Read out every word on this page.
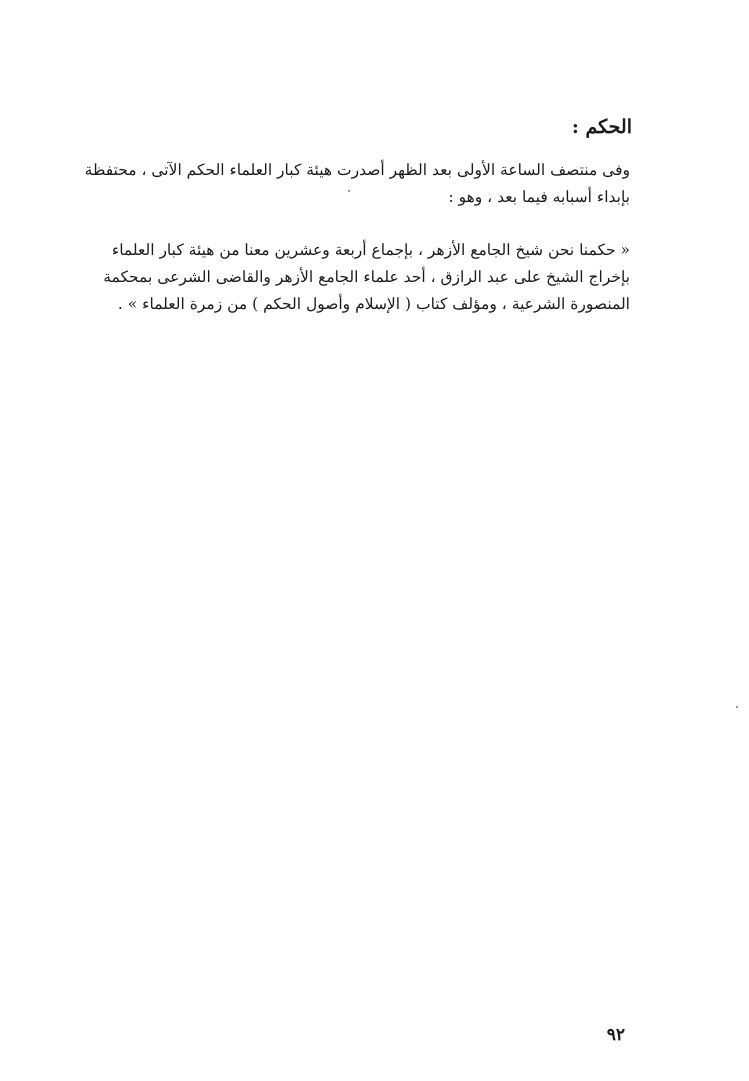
الحكم :
وفى منتصف الساعة الأولى بعد الظهر أصدرت هيئة كبار العلماء الحكم الآتى ، محتفظة
بإبداء أسبابه فيما بعد ، وهو :
« حكمنا نحن شيخ الجامع الأزهر ، بإجماع أربعة وعشرين معنا من هيئة كبار العلماء
بإخراج الشيخ على عبد الرازق ، أحد علماء الجامع الأزهر والقاضى الشرعى بمحكمة
المنصورة الشرعية ، ومؤلف كتاب ( الإسلام وأصول الحكم ) من زمرة العلماء » .
٩٢
